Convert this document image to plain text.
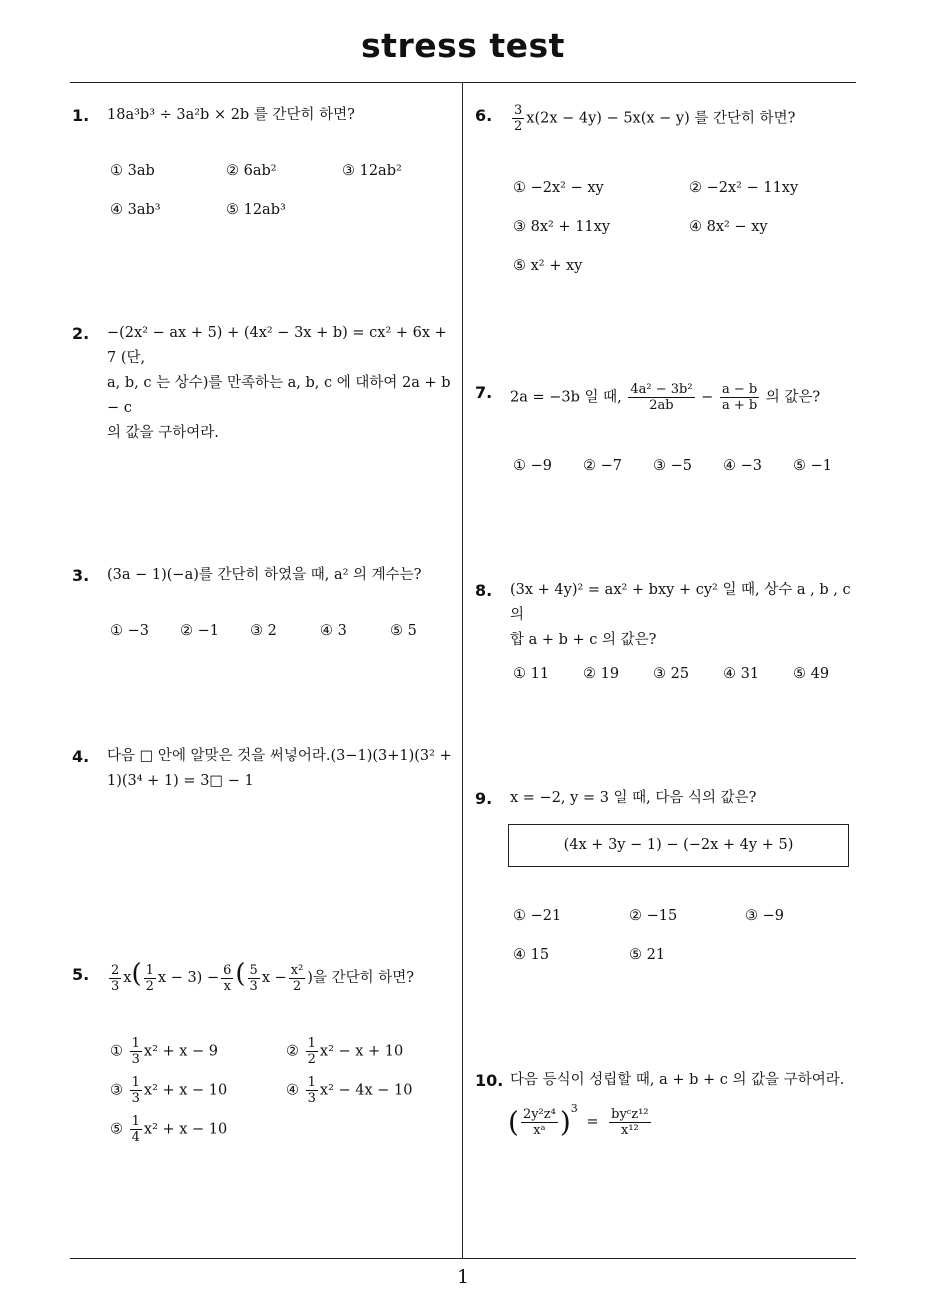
stress test
1
1. 18a³b³ ÷ 3a²b × 2b 를 간단히 하면?
① 3ab	② 6ab²	③ 12ab²
④ 3ab³	⑤ 12ab³
2. −(2x² − ax + 5) + (4x² − 3x + b) = cx² + 6x + 7 (단,
a, b, c 는 상수)를 만족하는 a, b, c 에 대하여 2a + b − c
의 값을 구하여라.
3. (3a − 1)(−a)를 간단히 하였을 때, a² 의 계수는?
① −3 ② −1 ③ 2	④ 3	⑤ 5
4. 다음 □ 안에 알맞은 것을 써넣어라.(3−1)(3+1)(3² +
1)(3⁴ + 1) = 3□ − 1
5. $\frac{2}{3} x( \frac{1}{2}$ $x - 3) - \frac{6}{x}$ ( $\frac{5}{3}$ $x - \frac{\text{x²}}{2}$ )을 간단히 하면?
① $\frac{1}{3} x^2 + x - 9$	② $\frac{1}{2} x^2 - x + 10$
③ $\frac{1}{3} x^2 + x - 10$	④ $\frac{1}{3} x^2 - 4x - 10$
⑤ $\frac{1}{4} x^2 + x - 10$
6. $\frac{3}{2} x(2x - 4y) - 5x(x - y)$ 를 간단히 하면?
① −2x² − xy	② −2x² − 11xy
③ 8x² + 11xy	④ 8x² − xy
⑤ x² + xy
7. 2a = −3b 일 때, $\frac{\text{4a² − 3b²}}{2ab} - \frac{a - b}{a + b}$ 의 값은?
① −9 ② −7 ③ −5 ④ −3 ⑤ −1
8. (3x + 4y)² = ax² + bxy + cy² 일 때, 상수 a , b , c 의
합 a + b + c 의 값은?
① 11 ② 19 ③ 25 ④ 31 ⑤ 49
9. x = −2, y = 3 일 때, 다음 식의 값은?
(4x + 3y − 1) − (−2x + 4y + 5)
① −21	② −15	③ −9
④ 15	⑤ 21
10. 다음 등식이 성립할 때, a + b + c 의 값을 구하여라.
( $\frac{\text{2y²z⁴}}{\text{xᵃ}} )^3 = \frac{\text{byᶜz¹²}}{\text{x¹²}}$
